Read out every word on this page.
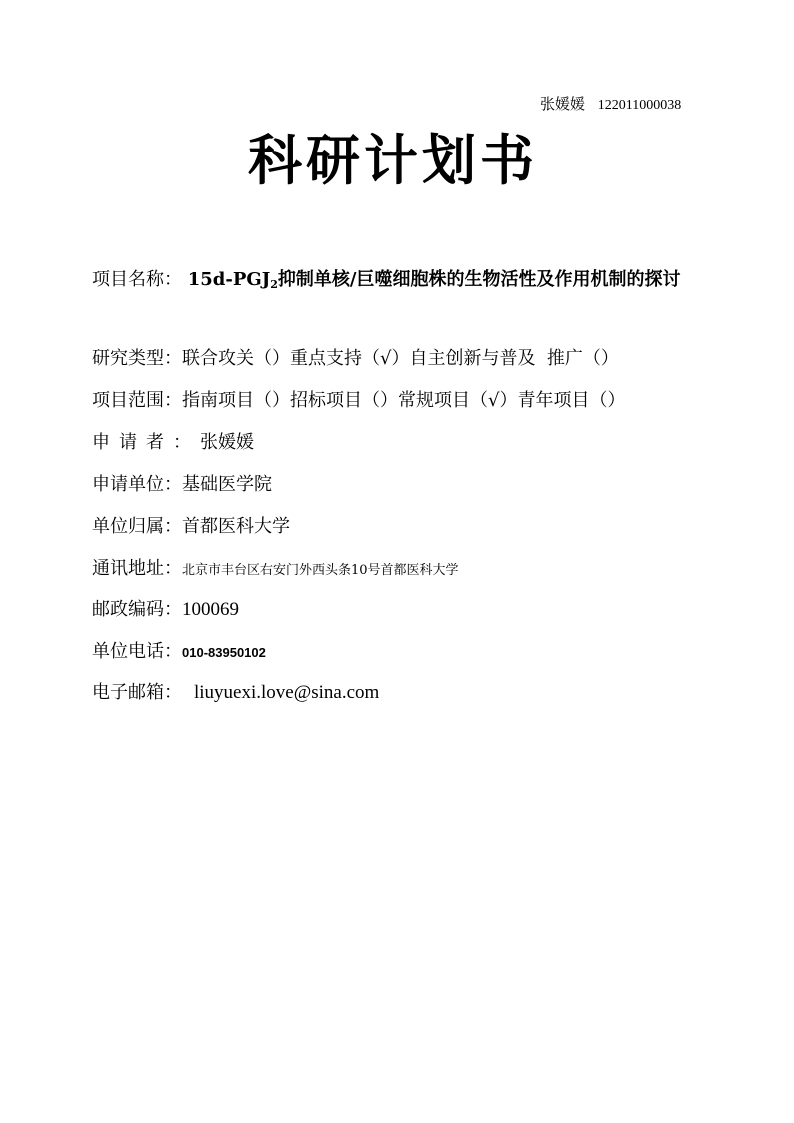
张媛媛 122011000038
科研计划书
项目名称： $15d-PGJ_2$抑制单核/巨噬细胞株的生物活性及作用机制的探讨
研究类型：联合攻关（）重点支持（√）自主创新与普及  推广（）
项目范围：指南项目（）招标项目（）常规项目（√）青年项目（）
申请者：张媛媛
申请单位：基础医学院
单位归属：首都医科大学
通讯地址：北京市丰台区右安门外西头条10号首都医科大学
邮政编码：100069
单位电话：010-83950102
电子邮箱： liuyuexi.love@sina.com
